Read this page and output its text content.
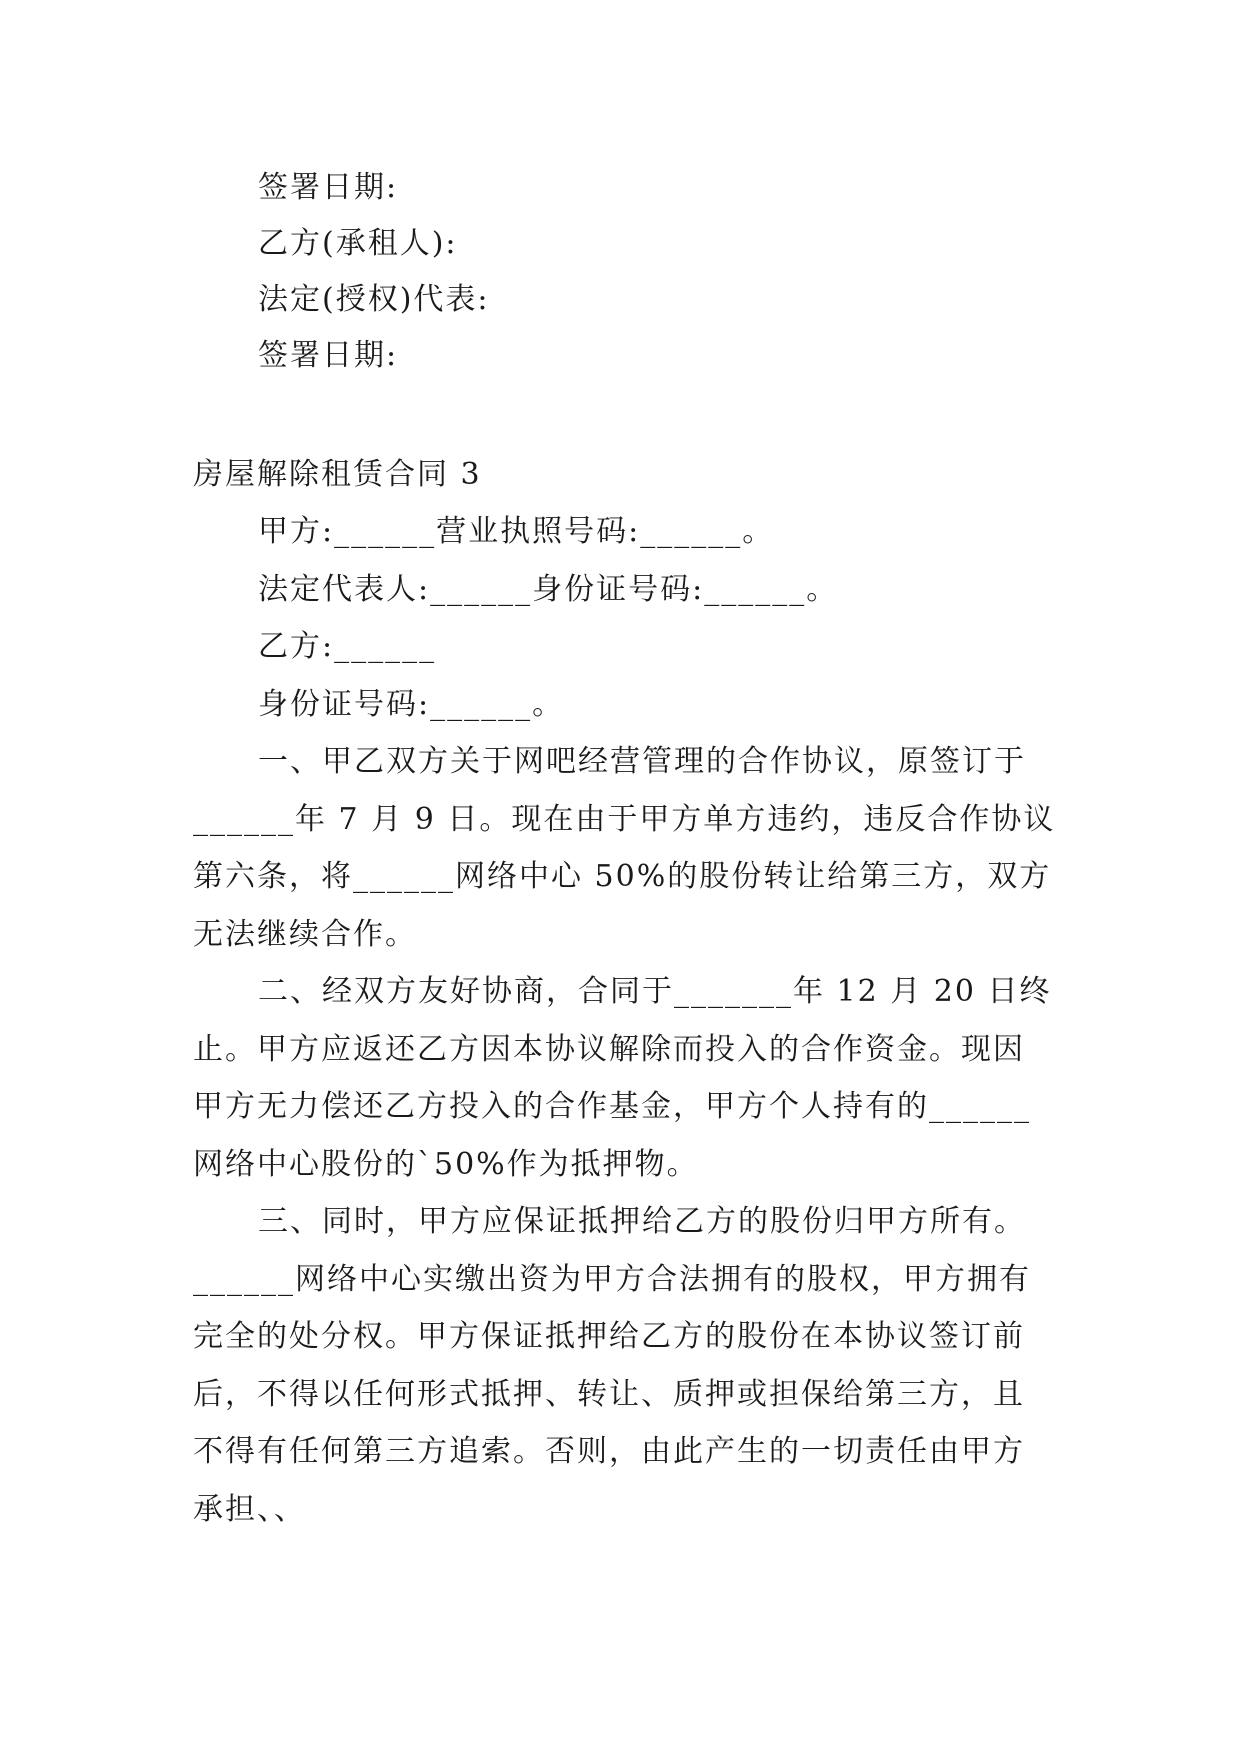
签署日期:
乙方(承租人):
法定(授权)代表:
签署日期:
房屋解除租赁合同 3
甲方:______营业执照号码:______。
法定代表人:______身份证号码:______。
乙方:______
身份证号码:______。
一、甲乙双方关于网吧经营管理的合作协议，原签订于
______年 7 月 9 日。现在由于甲方单方违约，违反合作协议
第六条，将______网络中心 50%的股份转让给第三方，双方
无法继续合作。
二、经双方友好协商，合同于_______年 12 月 20 日终
止。甲方应返还乙方因本协议解除而投入的合作资金。现因
甲方无力偿还乙方投入的合作基金，甲方个人持有的______
网络中心股份的`50%作为抵押物。
三、同时，甲方应保证抵押给乙方的股份归甲方所有。
______网络中心实缴出资为甲方合法拥有的股权，甲方拥有
完全的处分权。甲方保证抵押给乙方的股份在本协议签订前
后，不得以任何形式抵押、转让、质押或担保给第三方，且
不得有任何第三方追索。否则，由此产生的一切责任由甲方
承担、、
